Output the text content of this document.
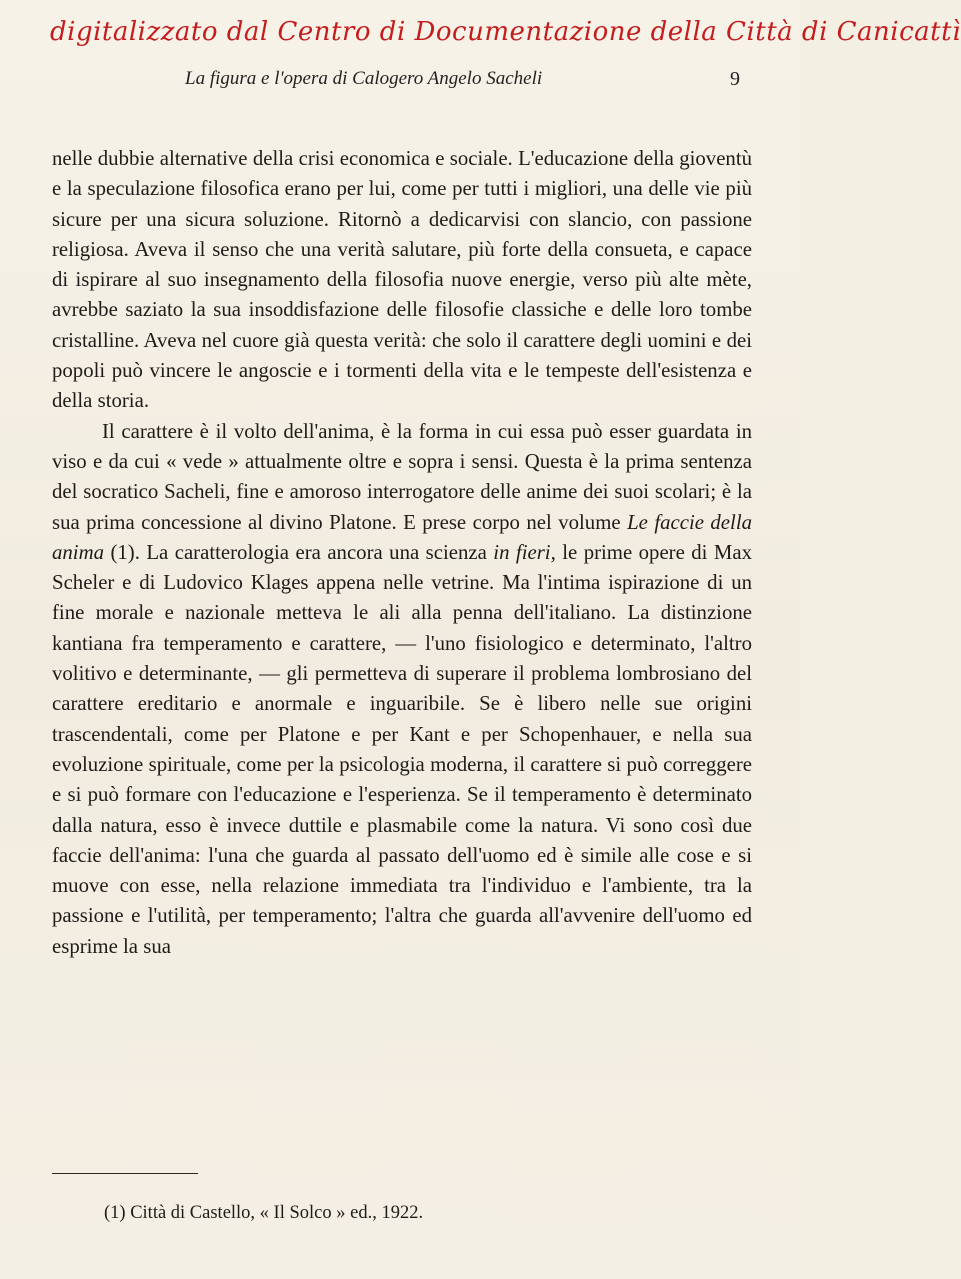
digitalizzato dal Centro di Documentazione della Città di Canicattì
La figura e l'opera di Calogero Angelo Sacheli	9

nelle dubbie alternative della crisi economica e sociale. L'educazione della gioventù e la speculazione filosofica erano per lui, come per tutti i migliori, una delle vie più sicure per una sicura soluzione. Ritornò a dedicarvisi con slancio, con passione religiosa. Aveva il senso che una verità salutare, più forte della consueta, e capace di ispirare al suo insegnamento della filosofia nuove energie, verso più alte mète, avrebbe saziato la sua insoddisfazione delle filosofie classiche e delle loro tombe cristalline. Aveva nel cuore già questa verità: che solo il carattere degli uomini e dei popoli può vincere le angoscie e i tormenti della vita e le tempeste dell'esistenza e della storia.

Il carattere è il volto dell'anima, è la forma in cui essa può esser guardata in viso e da cui « vede » attualmente oltre e sopra i sensi. Questa è la prima sentenza del socratico Sacheli, fine e amoroso interrogatore delle anime dei suoi scolari; è la sua prima concessione al divino Platone. E prese corpo nel volume Le faccie della anima (1). La caratterologia era ancora una scienza in fieri, le prime opere di Max Scheler e di Ludovico Klages appena nelle vetrine. Ma l'intima ispirazione di un fine morale e nazionale metteva le ali alla penna dell'italiano. La distinzione kantiana fra temperamento e carattere, — l'uno fisiologico e determinato, l'altro volitivo e determinante, — gli permetteva di superare il problema lombrosiano del carattere ereditario e anormale e inguaribile. Se è libero nelle sue origini trascendentali, come per Platone e per Kant e per Schopenhauer, e nella sua evoluzione spirituale, come per la psicologia moderna, il carattere si può correggere e si può formare con l'educazione e l'esperienza. Se il temperamento è determinato dalla natura, esso è invece duttile e plasmabile come la natura. Vi sono così due faccie dell'anima: l'una che guarda al passato dell'uomo ed è simile alle cose e si muove con esse, nella relazione immediata tra l'individuo e l'ambiente, tra la passione e l'utilità, per temperamento; l'altra che guarda all'avvenire dell'uomo ed esprime la sua

(1) Città di Castello, « Il Solco » ed., 1922.
